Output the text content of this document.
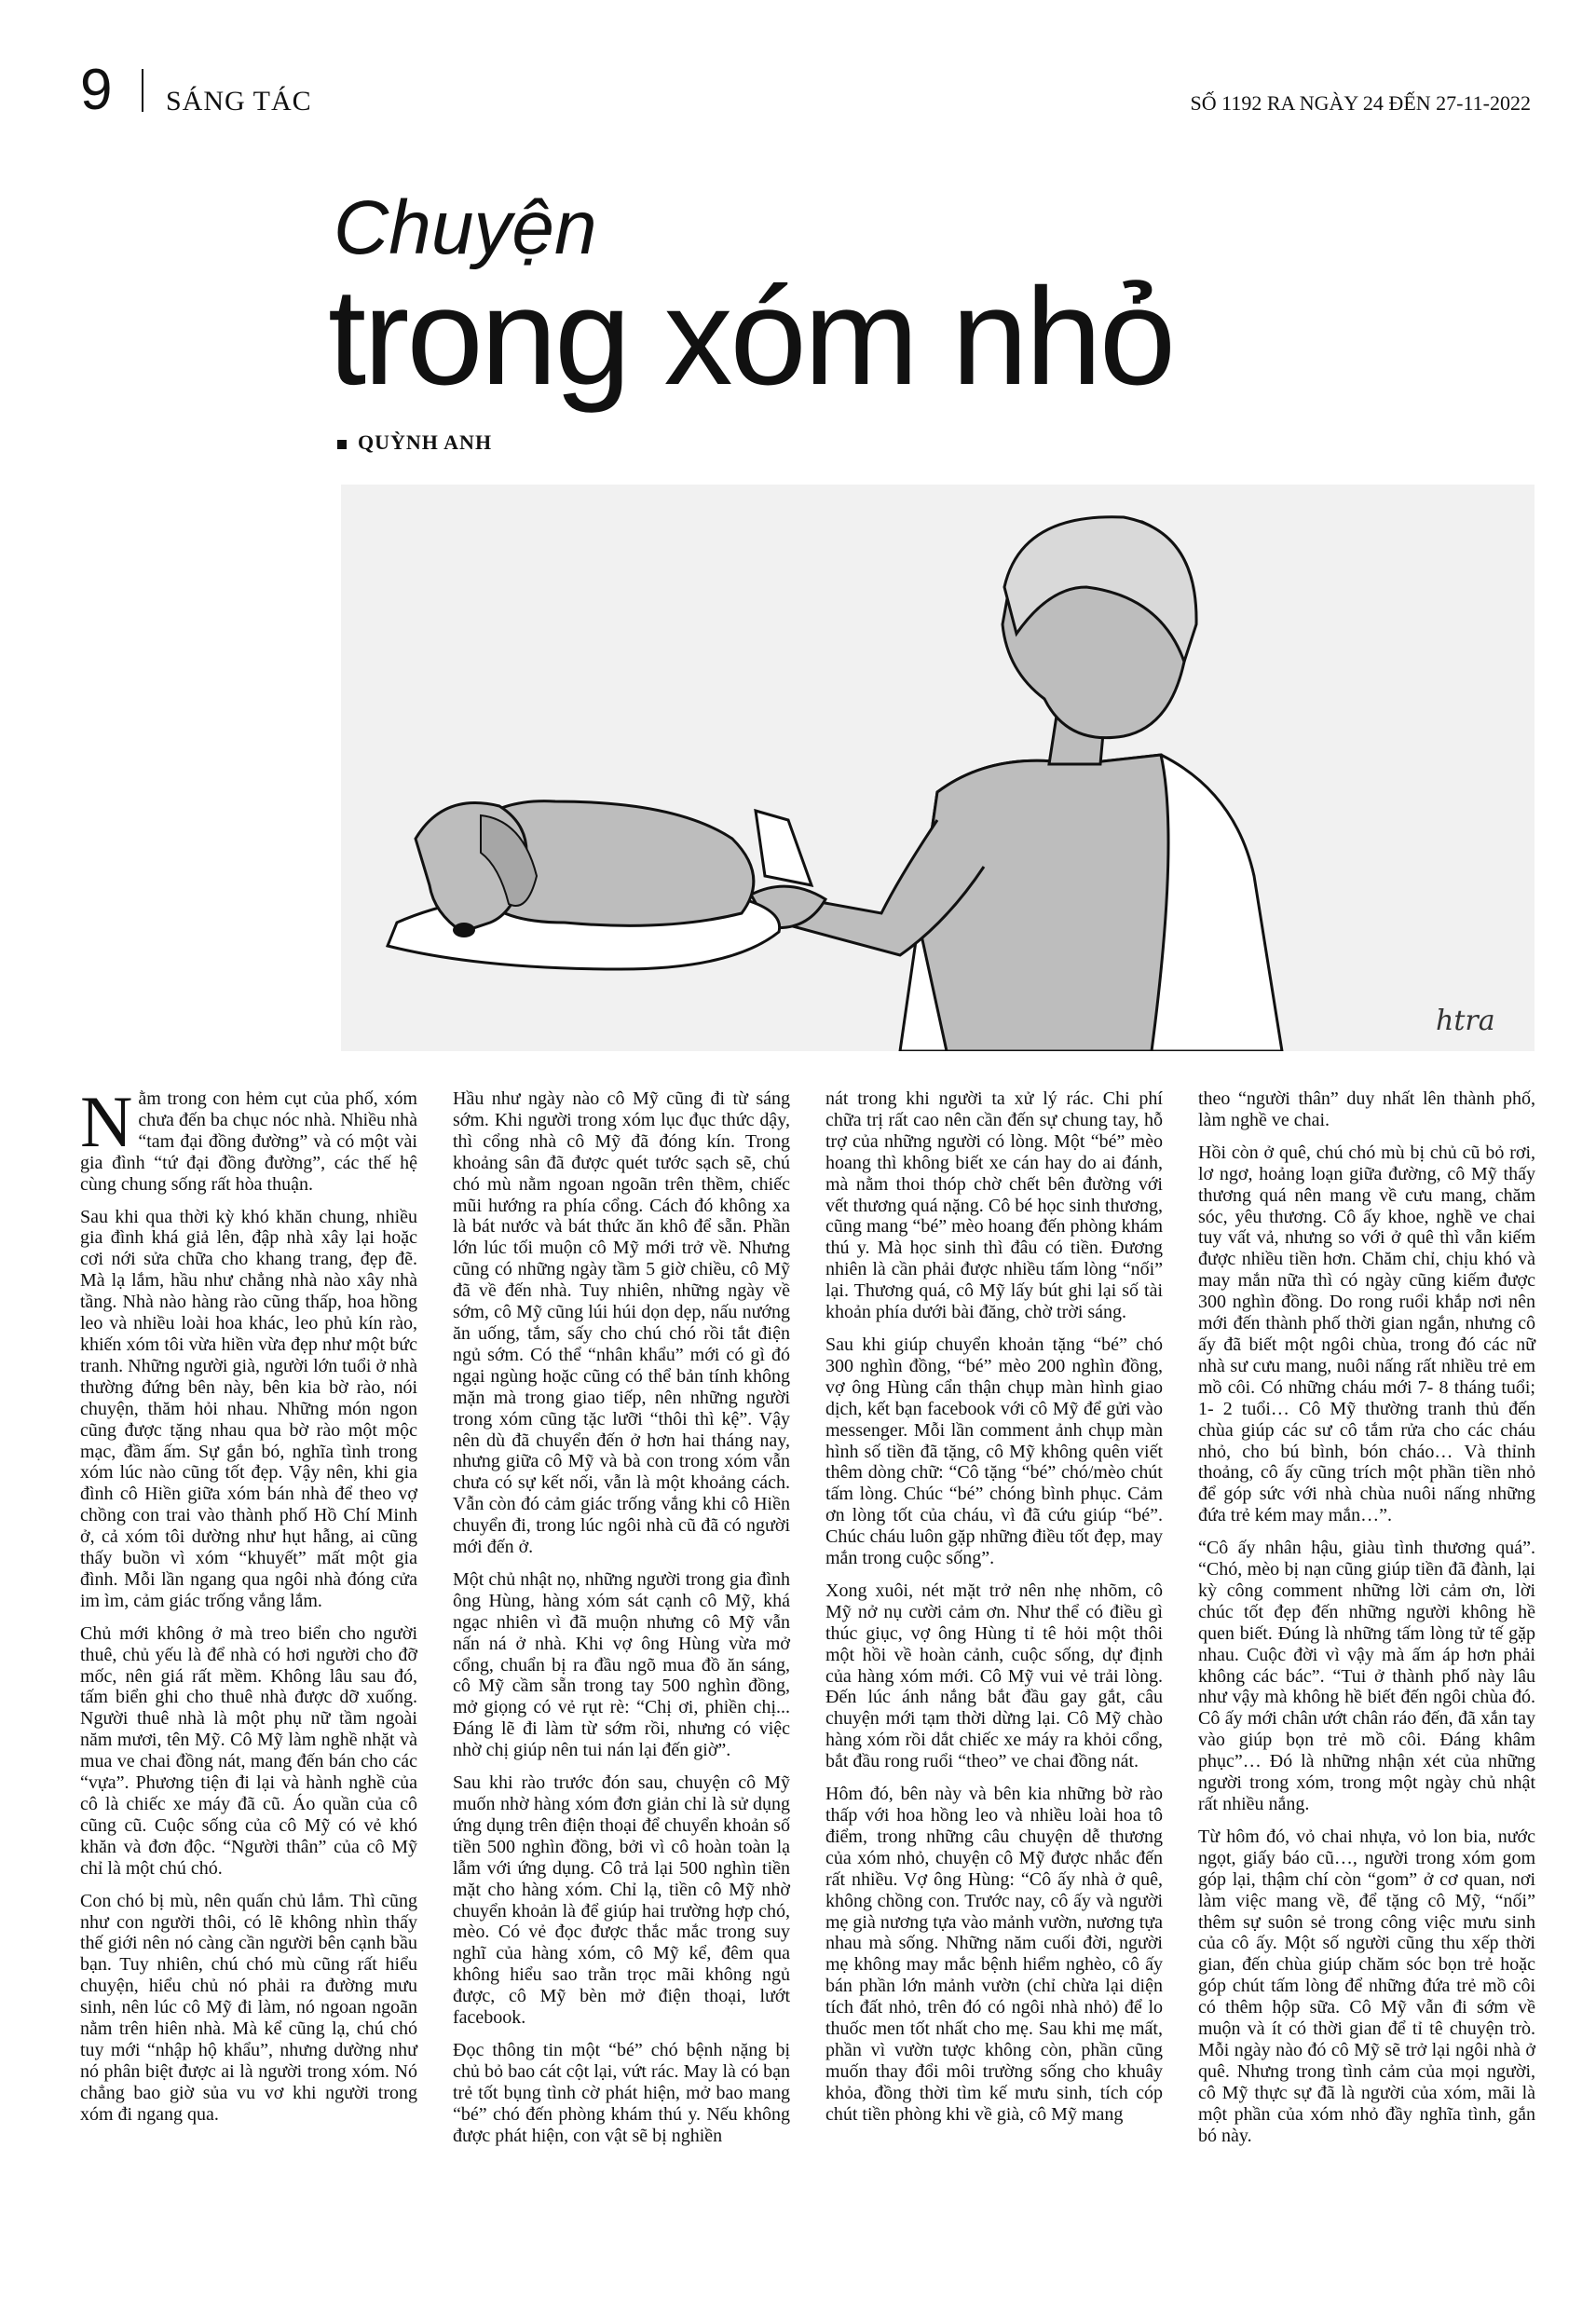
9 SÁNG TÁC	SỐ 1192 RA NGÀY 24 ĐẾN 27-11-2022
Chuyện
trong xóm nhỏ
QUỲNH ANH
htra

Nằm trong con hẻm cụt của phố, xóm chưa đến ba chục nóc nhà. Nhiều nhà “tam đại đồng đường” và có một vài gia đình “tứ đại đồng đường”, các thế hệ cùng chung sống rất hòa thuận.

Sau khi qua thời kỳ khó khăn chung, nhiều gia đình khá giả lên, đập nhà xây lại hoặc cơi nới sửa chữa cho khang trang, đẹp đẽ. Mà lạ lắm, hầu như chẳng nhà nào xây nhà tầng. Nhà nào hàng rào cũng thấp, hoa hồng leo và nhiều loài hoa khác, leo phủ kín rào, khiến xóm tôi vừa hiền vừa đẹp như một bức tranh. Những người già, người lớn tuổi ở nhà thường đứng bên này, bên kia bờ rào, nói chuyện, thăm hỏi nhau. Những món ngon cũng được tặng nhau qua bờ rào một mộc mạc, đầm ấm. Sự gắn bó, nghĩa tình trong xóm lúc nào cũng tốt đẹp. Vậy nên, khi gia đình cô Hiền giữa xóm bán nhà để theo vợ chồng con trai vào thành phố Hồ Chí Minh ở, cả xóm tôi dường như hụt hẫng, ai cũng thấy buồn vì xóm “khuyết” mất một gia đình. Mỗi lần ngang qua ngôi nhà đóng cửa im ìm, cảm giác trống vắng lắm.

Chủ mới không ở mà treo biển cho người thuê, chủ yếu là để nhà có hơi người cho đỡ mốc, nên giá rất mềm. Không lâu sau đó, tấm biển ghi cho thuê nhà được dỡ xuống. Người thuê nhà là một phụ nữ tầm ngoài năm mươi, tên Mỹ. Cô Mỹ làm nghề nhặt và mua ve chai đồng nát, mang đến bán cho các “vựa”. Phương tiện đi lại và hành nghề của cô là chiếc xe máy đã cũ. Áo quần của cô cũng cũ. Cuộc sống của cô Mỹ có vẻ khó khăn và đơn độc. “Người thân” của cô Mỹ chỉ là một chú chó.

Con chó bị mù, nên quấn chủ lắm. Thì cũng như con người thôi, có lẽ không nhìn thấy thế giới nên nó càng cần người bên cạnh bầu bạn. Tuy nhiên, chú chó mù cũng rất hiểu chuyện, hiểu chủ nó phải ra đường mưu sinh, nên lúc cô Mỹ đi làm, nó ngoan ngoãn nằm trên hiên nhà. Mà kể cũng lạ, chú chó tuy mới “nhập hộ khẩu”, nhưng dường như nó phân biệt được ai là người trong xóm. Nó chẳng bao giờ sủa vu vơ khi người trong xóm đi ngang qua.

Hầu như ngày nào cô Mỹ cũng đi từ sáng sớm. Khi người trong xóm lục đục thức dậy, thì cổng nhà cô Mỹ đã đóng kín. Trong khoảng sân đã được quét tước sạch sẽ, chú chó mù nằm ngoan ngoãn trên thềm, chiếc mũi hướng ra phía cổng. Cách đó không xa là bát nước và bát thức ăn khô để sẵn. Phần lớn lúc tối muộn cô Mỹ mới trở về. Nhưng cũng có những ngày tầm 5 giờ chiều, cô Mỹ đã về đến nhà. Tuy nhiên, những ngày về sớm, cô Mỹ cũng lúi húi dọn dẹp, nấu nướng ăn uống, tắm, sấy cho chú chó rồi tắt điện ngủ sớm. Có thể “nhân khẩu” mới có gì đó ngại ngùng hoặc cũng có thể bản tính không mặn mà trong giao tiếp, nên những người trong xóm cũng tặc lưỡi “thôi thì kệ”. Vậy nên dù đã chuyển đến ở hơn hai tháng nay, nhưng giữa cô Mỹ và bà con trong xóm vẫn chưa có sự kết nối, vẫn là một khoảng cách. Vẫn còn đó cảm giác trống vắng khi cô Hiền chuyển đi, trong lúc ngôi nhà cũ đã có người mới đến ở.

Một chủ nhật nọ, những người trong gia đình ông Hùng, hàng xóm sát cạnh cô Mỹ, khá ngạc nhiên vì đã muộn nhưng cô Mỹ vẫn nấn ná ở nhà. Khi vợ ông Hùng vừa mở cổng, chuẩn bị ra đầu ngõ mua đồ ăn sáng, cô Mỹ cầm sẵn trong tay 500 nghìn đồng, mở giọng có vẻ rụt rè: “Chị ơi, phiền chị... Đáng lẽ đi làm từ sớm rồi, nhưng có việc nhờ chị giúp nên tui nán lại đến giờ”.

Sau khi rào trước đón sau, chuyện cô Mỹ muốn nhờ hàng xóm đơn giản chỉ là sử dụng ứng dụng trên điện thoại để chuyển khoản số tiền 500 nghìn đồng, bởi vì cô hoàn toàn lạ lẫm với ứng dụng. Cô trả lại 500 nghìn tiền mặt cho hàng xóm. Chỉ lạ, tiền cô Mỹ nhờ chuyển khoản là để giúp hai trường hợp chó, mèo. Có vẻ đọc được thắc mắc trong suy nghĩ của hàng xóm, cô Mỹ kể, đêm qua không hiểu sao trằn trọc mãi không ngủ được, cô Mỹ bèn mở điện thoại, lướt facebook.

Đọc thông tin một “bé” chó bệnh nặng bị chủ bỏ bao cát cột lại, vứt rác. May là có bạn trẻ tốt bụng tình cờ phát hiện, mở bao mang “bé” chó đến phòng khám thú y. Nếu không được phát hiện, con vật sẽ bị nghiền

nát trong khi người ta xử lý rác. Chi phí chữa trị rất cao nên cần đến sự chung tay, hỗ trợ của những người có lòng. Một “bé” mèo hoang thì không biết xe cán hay do ai đánh, mà nằm thoi thóp chờ chết bên đường với vết thương quá nặng. Cô bé học sinh thương, cũng mang “bé” mèo hoang đến phòng khám thú y. Mà học sinh thì đâu có tiền. Đương nhiên là cần phải được nhiều tấm lòng “nối” lại. Thương quá, cô Mỹ lấy bút ghi lại số tài khoản phía dưới bài đăng, chờ trời sáng.

Sau khi giúp chuyển khoản tặng “bé” chó 300 nghìn đồng, “bé” mèo 200 nghìn đồng, vợ ông Hùng cẩn thận chụp màn hình giao dịch, kết bạn facebook với cô Mỹ để gửi vào messenger. Mỗi lần comment ảnh chụp màn hình số tiền đã tặng, cô Mỹ không quên viết thêm dòng chữ: “Cô tặng “bé” chó/mèo chút tấm lòng. Chúc “bé” chóng bình phục. Cảm ơn lòng tốt của cháu, vì đã cứu giúp “bé”. Chúc cháu luôn gặp những điều tốt đẹp, may mắn trong cuộc sống”.

Xong xuôi, nét mặt trở nên nhẹ nhõm, cô Mỹ nở nụ cười cảm ơn. Như thể có điều gì thúc giục, vợ ông Hùng tỉ tê hỏi một thôi một hồi về hoàn cảnh, cuộc sống, dự định của hàng xóm mới. Cô Mỹ vui vẻ trải lòng. Đến lúc ánh nắng bắt đầu gay gắt, câu chuyện mới tạm thời dừng lại. Cô Mỹ chào hàng xóm rồi dắt chiếc xe máy ra khỏi cổng, bắt đầu rong ruổi “theo” ve chai đồng nát.

Hôm đó, bên này và bên kia những bờ rào thấp với hoa hồng leo và nhiều loài hoa tô điểm, trong những câu chuyện dễ thương của xóm nhỏ, chuyện cô Mỹ được nhắc đến rất nhiều. Vợ ông Hùng: “Cô ấy nhà ở quê, không chồng con. Trước nay, cô ấy và người mẹ già nương tựa vào mảnh vườn, nương tựa nhau mà sống. Những năm cuối đời, người mẹ không may mắc bệnh hiểm nghèo, cô ấy bán phần lớn mảnh vườn (chỉ chừa lại diện tích đất nhỏ, trên đó có ngôi nhà nhỏ) để lo thuốc men tốt nhất cho mẹ. Sau khi mẹ mất, phần vì vườn tược không còn, phần cũng muốn thay đổi môi trường sống cho khuây khỏa, đồng thời tìm kế mưu sinh, tích cóp chút tiền phòng khi về già, cô Mỹ mang

theo “người thân” duy nhất lên thành phố, làm nghề ve chai.

Hồi còn ở quê, chú chó mù bị chủ cũ bỏ rơi, lơ ngơ, hoảng loạn giữa đường, cô Mỹ thấy thương quá nên mang về cưu mang, chăm sóc, yêu thương. Cô ấy khoe, nghề ve chai tuy vất vả, nhưng so với ở quê thì vẫn kiếm được nhiều tiền hơn. Chăm chỉ, chịu khó và may mắn nữa thì có ngày cũng kiếm được 300 nghìn đồng. Do rong ruổi khắp nơi nên mới đến thành phố thời gian ngắn, nhưng cô ấy đã biết một ngôi chùa, trong đó các nữ nhà sư cưu mang, nuôi nấng rất nhiều trẻ em mồ côi. Có những cháu mới 7- 8 tháng tuổi; 1- 2 tuổi… Cô Mỹ thường tranh thủ đến chùa giúp các sư cô tắm rửa cho các cháu nhỏ, cho bú bình, bón cháo… Và thỉnh thoảng, cô ấy cũng trích một phần tiền nhỏ để góp sức với nhà chùa nuôi nấng những đứa trẻ kém may mắn…”.

“Cô ấy nhân hậu, giàu tình thương quá”. “Chó, mèo bị nạn cũng giúp tiền đã đành, lại kỳ công comment những lời cảm ơn, lời chúc tốt đẹp đến những người không hề quen biết. Đúng là những tấm lòng tử tế gặp nhau. Cuộc đời vì vậy mà ấm áp hơn phải không các bác”. “Tui ở thành phố này lâu như vậy mà không hề biết đến ngôi chùa đó. Cô ấy mới chân ướt chân ráo đến, đã xắn tay vào giúp bọn trẻ mồ côi. Đáng khâm phục”… Đó là những nhận xét của những người trong xóm, trong một ngày chủ nhật rất nhiều nắng.

Từ hôm đó, vỏ chai nhựa, vỏ lon bia, nước ngọt, giấy báo cũ…, người trong xóm gom góp lại, thậm chí còn “gom” ở cơ quan, nơi làm việc mang về, để tặng cô Mỹ, “nối” thêm sự suôn sẻ trong công việc mưu sinh của cô ấy. Một số người cũng thu xếp thời gian, đến chùa giúp chăm sóc bọn trẻ hoặc góp chút tấm lòng để những đứa trẻ mồ côi có thêm hộp sữa. Cô Mỹ vẫn đi sớm về muộn và ít có thời gian để tỉ tê chuyện trò. Mỗi ngày nào đó cô Mỹ sẽ trở lại ngôi nhà ở quê. Nhưng trong tình cảm của mọi người, cô Mỹ thực sự đã là người của xóm, mãi là một phần của xóm nhỏ đầy nghĩa tình, gắn bó này.
